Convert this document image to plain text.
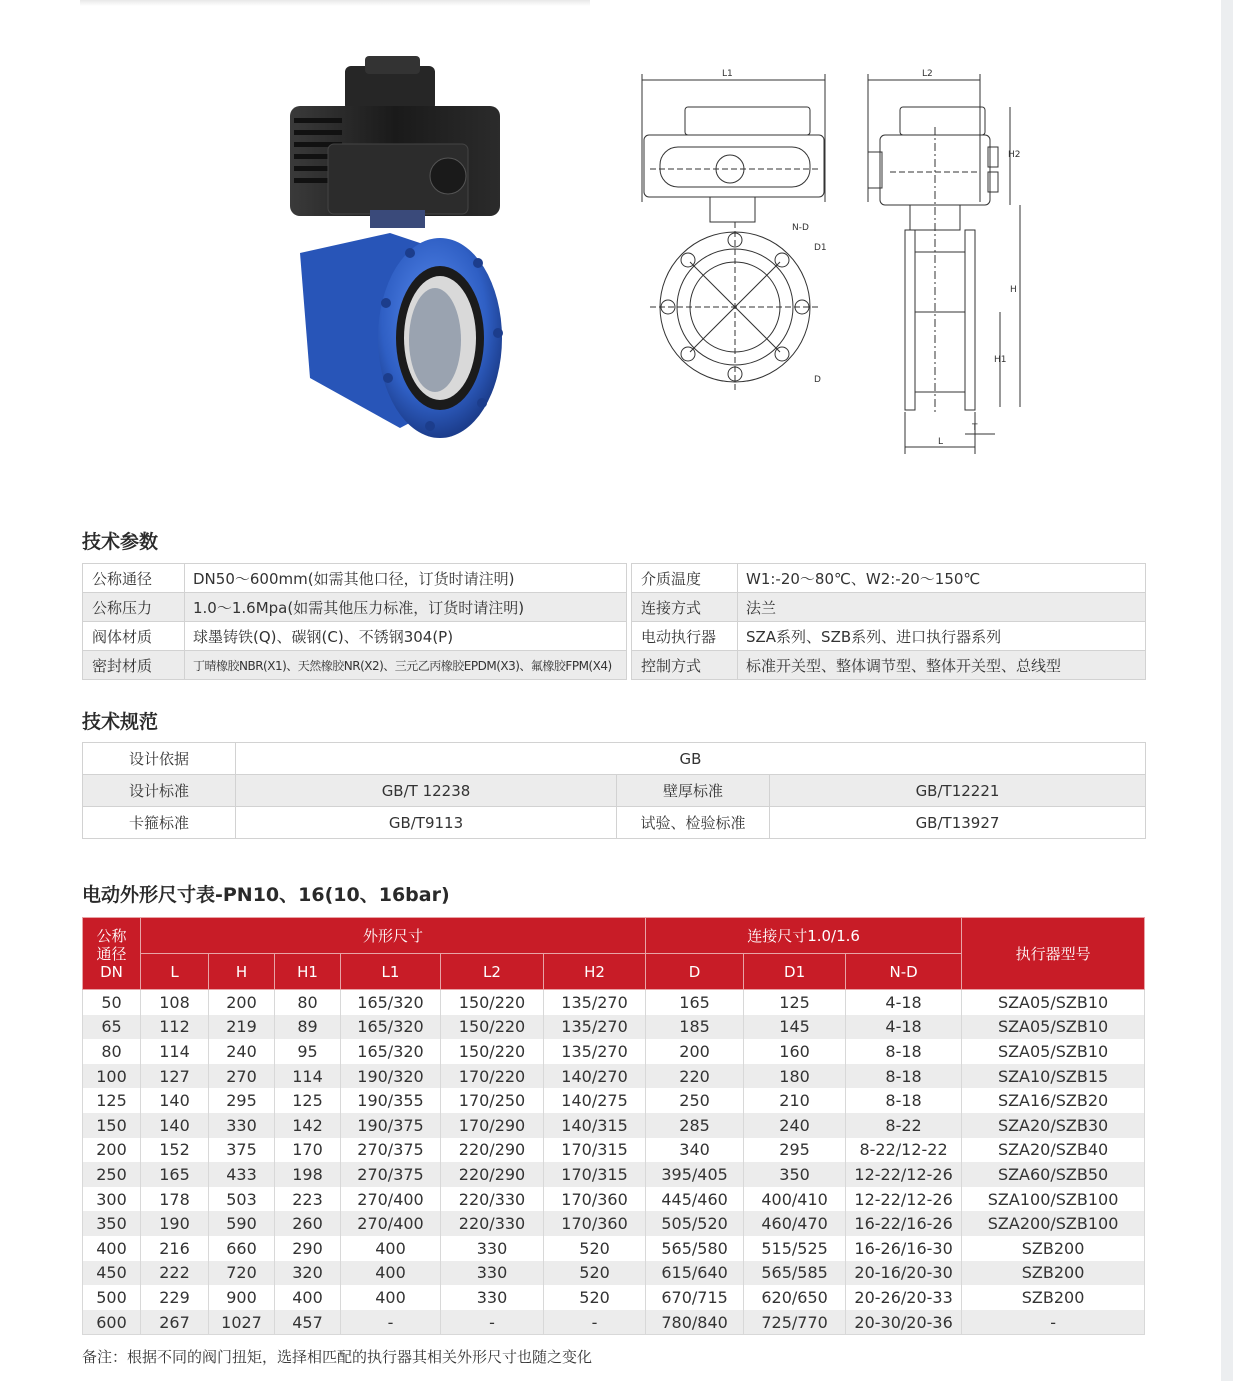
L1
N-D
D1
D
L2
H2
H
H1
L
T
技术参数
公称通径	DN50～600mm(如需其他口径，订货时请注明)
公称压力	1.0～1.6Mpa(如需其他压力标准，订货时请注明)
阀体材质	球墨铸铁(Q)、碳钢(C)、不锈钢304(P)
密封材质	丁晴橡胶NBR(X1)、天然橡胶NR(X2)、三元乙丙橡胶EPDM(X3)、氟橡胶FPM(X4)
介质温度	W1:-20～80℃、W2:-20～150℃
连接方式	法兰
电动执行器	SZA系列、SZB系列、进口执行器系列
控制方式	标准开关型、整体调节型、整体开关型、总线型
技术规范
设计依据	GB		
设计标准	GB/T 12238	壁厚标准	GB/T12221
卡箍标准	GB/T9113	试验、检验标准	GB/T13927
电动外形尺寸表-PN10、16(10、16bar)
公称
通径
DN	外形尺寸						连接尺寸1.0/1.6			执行器型号
	L	H	H1	L1	L2	H2	D	D1	N-D	
50	108	200	80	165/320	150/220	135/270	165	125	4-18	SZA05/SZB10
65	112	219	89	165/320	150/220	135/270	185	145	4-18	SZA05/SZB10
80	114	240	95	165/320	150/220	135/270	200	160	8-18	SZA05/SZB10
100	127	270	114	190/320	170/220	140/270	220	180	8-18	SZA10/SZB15
125	140	295	125	190/355	170/250	140/275	250	210	8-18	SZA16/SZB20
150	140	330	142	190/375	170/290	140/315	285	240	8-22	SZA20/SZB30
200	152	375	170	270/375	220/290	170/315	340	295	8-22/12-22	SZA20/SZB40
250	165	433	198	270/375	220/290	170/315	395/405	350	12-22/12-26	SZA60/SZB50
300	178	503	223	270/400	220/330	170/360	445/460	400/410	12-22/12-26	SZA100/SZB100
350	190	590	260	270/400	220/330	170/360	505/520	460/470	16-22/16-26	SZA200/SZB100
400	216	660	290	400	330	520	565/580	515/525	16-26/16-30	SZB200
450	222	720	320	400	330	520	615/640	565/585	20-16/20-30	SZB200
500	229	900	400	400	330	520	670/715	620/650	20-26/20-33	SZB200
600	267	1027	457	-	-	-	780/840	725/770	20-30/20-36	-
备注：根据不同的阀门扭矩，选择相匹配的执行器其相关外形尺寸也随之变化
